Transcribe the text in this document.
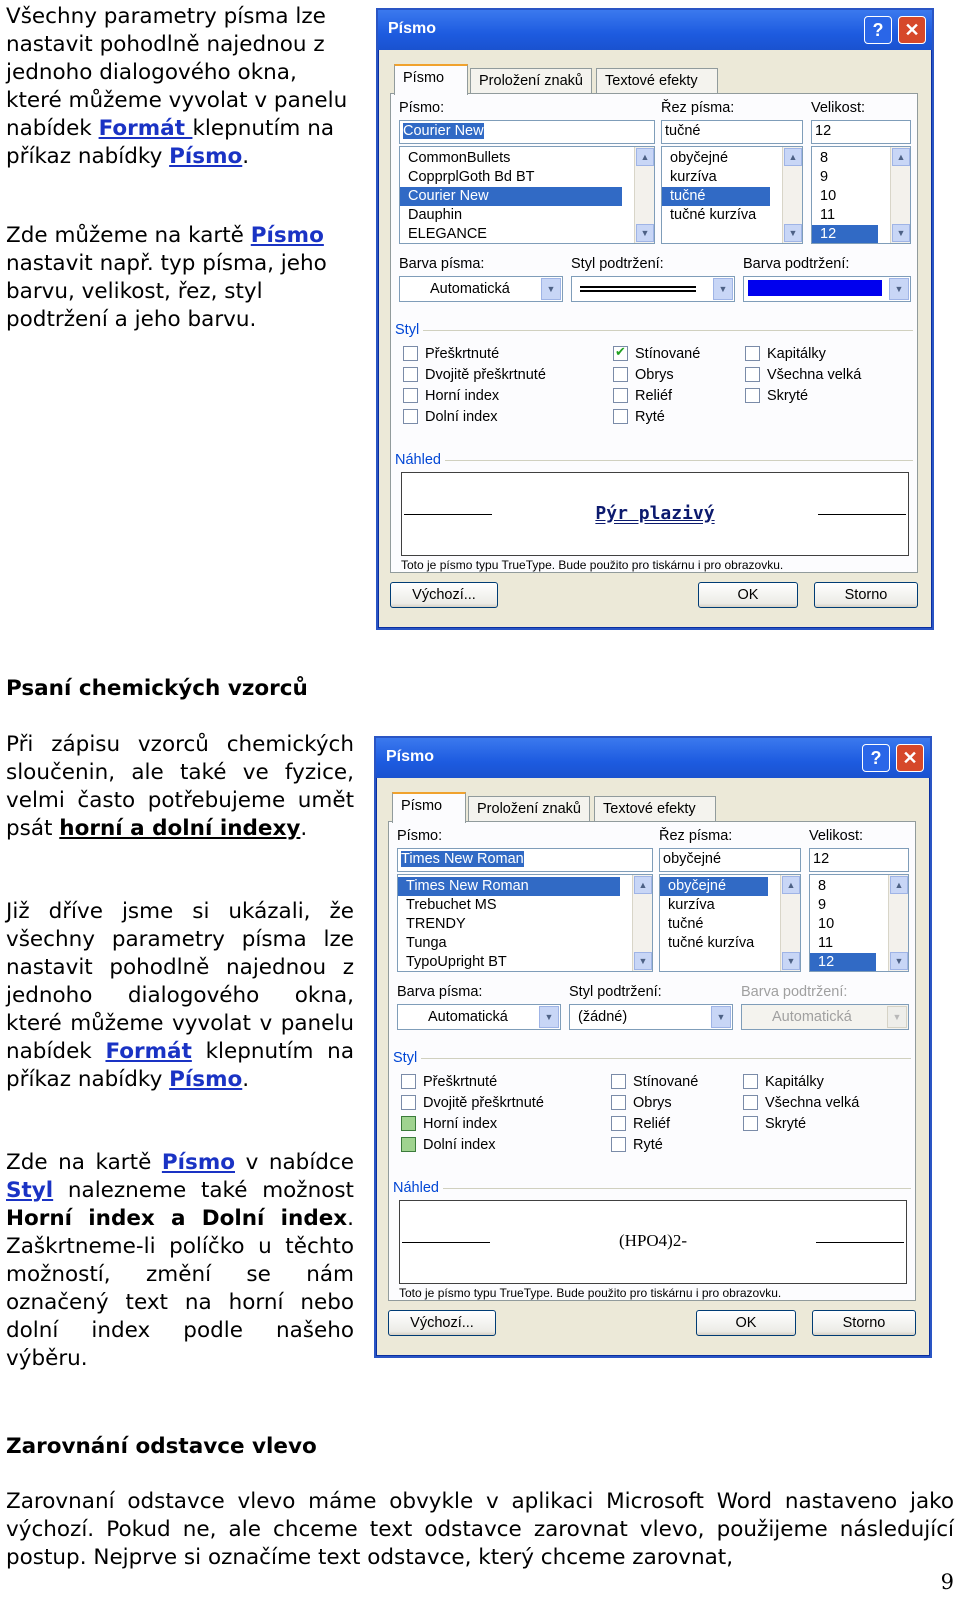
Všechny parametry písma lze nastavit pohodlně najednou z jednoho dialogového okna, které můžeme vyvolat v panelu nabídek Formát klepnutím na příkaz nabídky Písmo.
Zde můžeme na kartě Písmo nastavit např. typ písma, jeho barvu, velikost, řez, styl podtržení a jeho barvu.
Písmo	?	✕
Písmo	Proložení znaků	Textové efekty
Písmo:	Řez písma:	Velikost:
Courier New	tučné	12
CommonBullets
CopprplGoth Bd BT
Courier New
Dauphin
ELEGANCE
▲
▼
obyčejné
kurzíva
tučné
tučné kurzíva
▲
▼
8
9
10
11
12
▲
▼
Barva písma:	Styl podtržení:	Barva podtržení:
Automatická	▼	▼	▼
Styl
Přeškrtnuté
Dvojitě přeškrtnuté
Horní index
Dolní index
✔
Stínované
Obrys
Reliéf
Ryté
Kapitálky
Všechna velká
Skryté
Náhled
Pýr plazivý
Toto je písmo typu TrueType. Bude použito pro tiskárnu i pro obrazovku.
Výchozí...	OK	Storno
Psaní chemických vzorců
Při zápisu vzorců chemických sloučenin, ale také ve fyzice, velmi často potřebujeme umět psát horní a dolní indexy.
Již dříve jsme si ukázali, že všechny parametry písma lze nastavit pohodlně najednou z jednoho dialogového okna, které můžeme vyvolat v panelu nabídek Formát klepnutím na příkaz nabídky Písmo.
Zde na kartě Písmo v nabídce Styl nalezneme také možnost Horní index a Dolní index. Zaškrtneme-li políčko u těchto možností, změní se nám označený text na horní nebo dolní index podle našeho výběru.
Písmo	?	✕
Písmo	Proložení znaků	Textové efekty
Písmo:	Řez písma:	Velikost:
Times New Roman	obyčejné	12
Times New Roman
Trebuchet MS
TRENDY
Tunga
TypoUpright BT
▲
▼
obyčejné
kurzíva
tučné
tučné kurzíva
▲
▼
8
9
10
11
12
▲
▼
Barva písma:	Styl podtržení:	Barva podtržení:
Automatická	▼	(žádné)	▼	Automatická	▼
Styl
Přeškrtnuté
Dvojitě přeškrtnuté
Horní index
Dolní index
Stínované
Obrys
Reliéf
Ryté
Kapitálky
Všechna velká
Skryté
Náhled
(HPO4)2-
Toto je písmo typu TrueType. Bude použito pro tiskárnu i pro obrazovku.
Výchozí...	OK	Storno
Zarovnání odstavce vlevo
Zarovnaní odstavce vlevo máme obvykle v aplikaci Microsoft Word nastaveno jako výchozí. Pokud ne, ale chceme text odstavce zarovnat vlevo, použijeme následující postup. Nejprve si označíme text odstavce, který chceme zarovnat,
9
